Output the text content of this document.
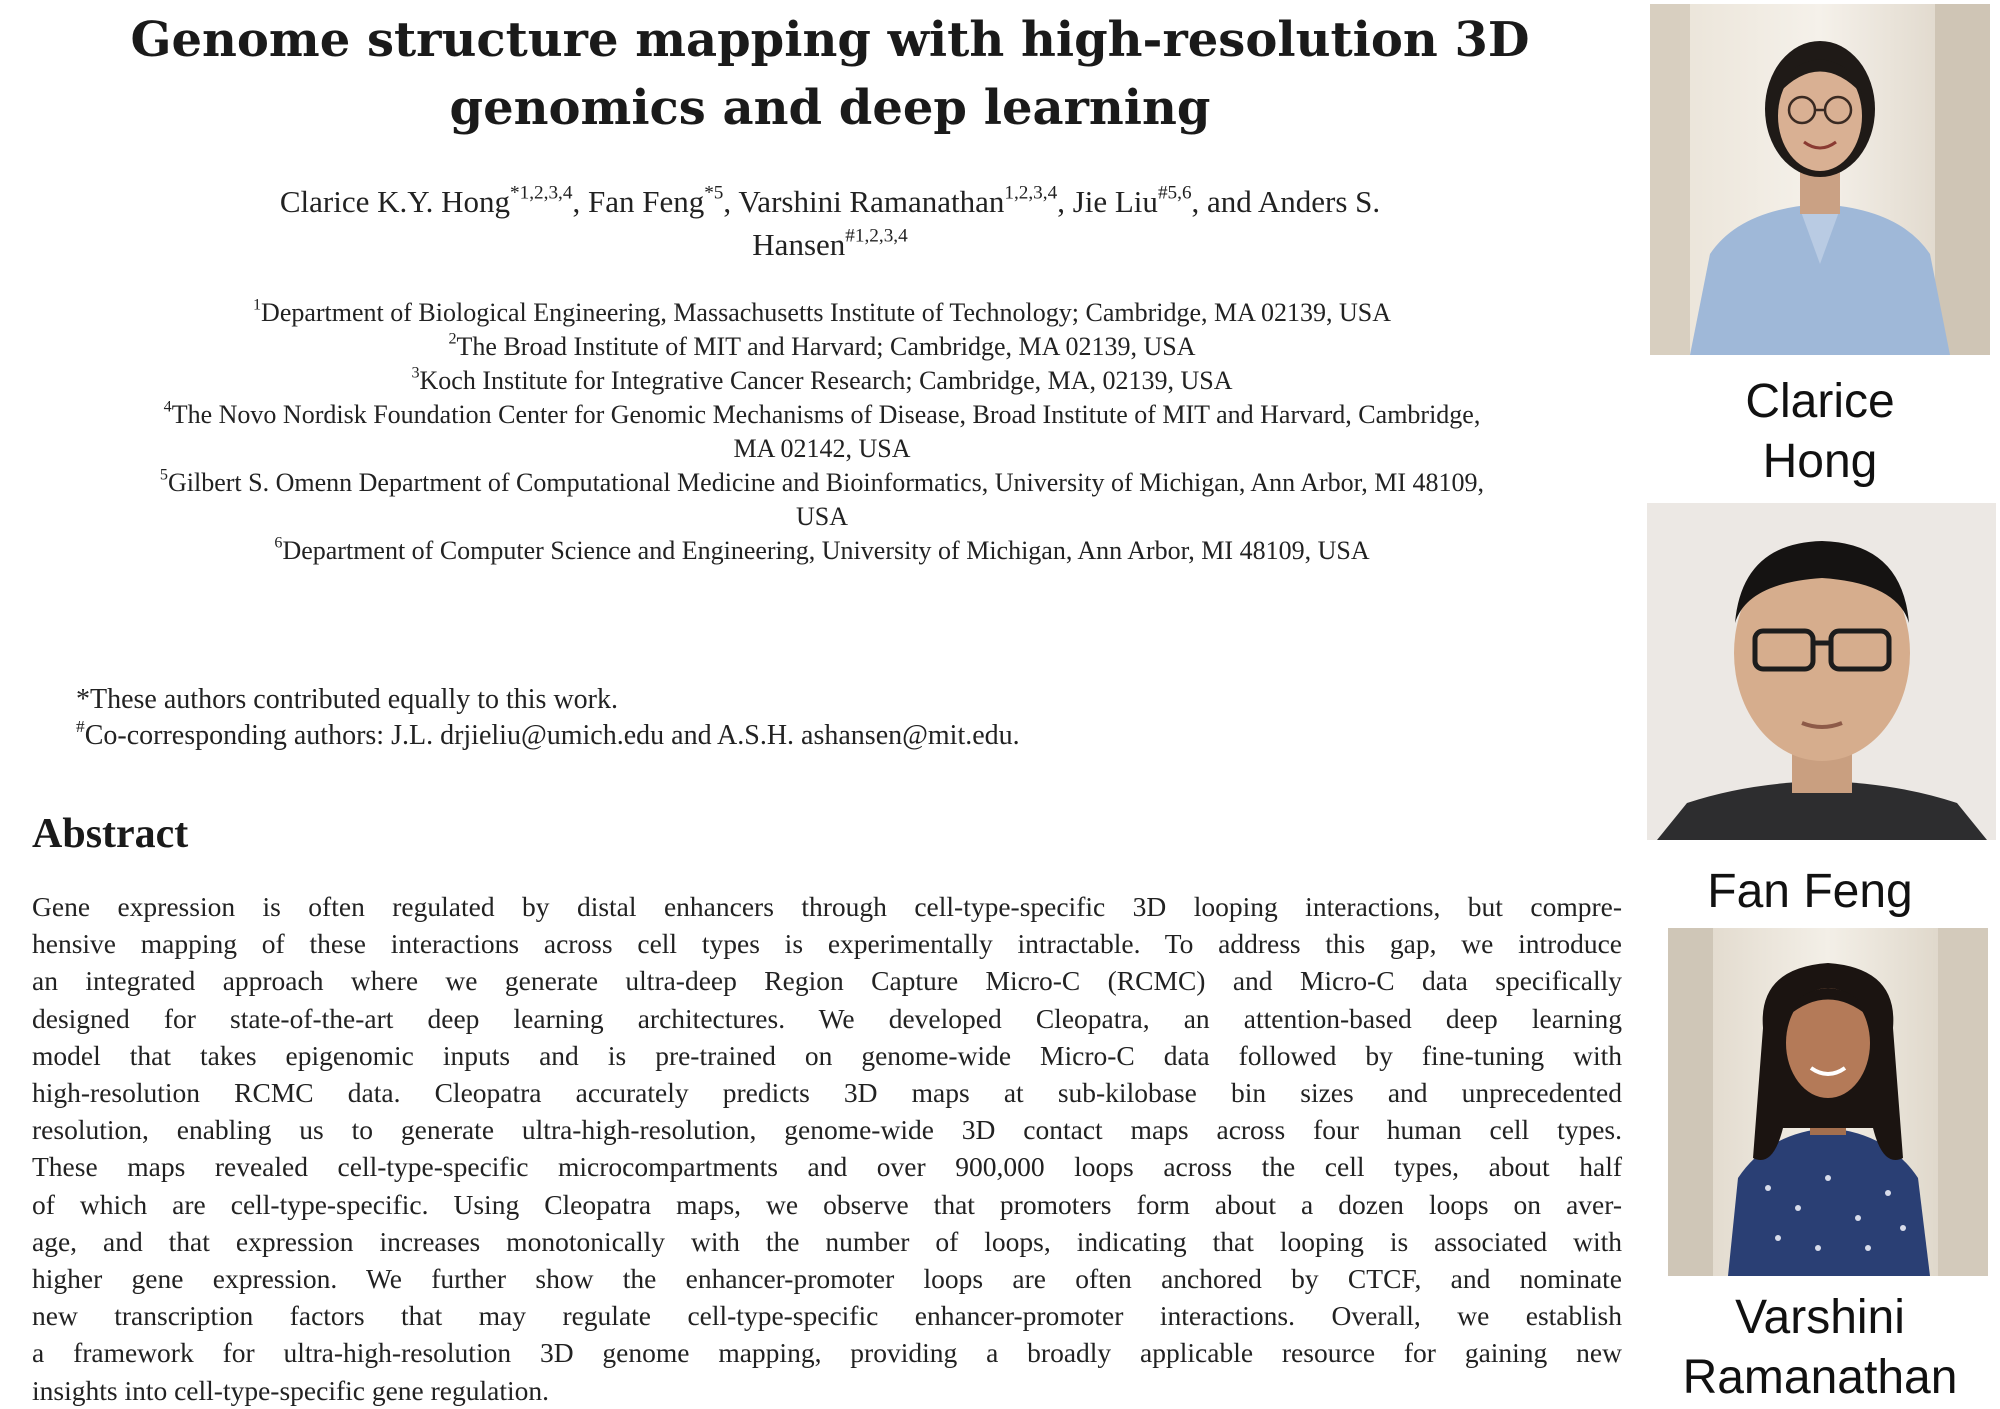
Genome structure mapping with high-resolution 3D
genomics and deep learning
Clarice K.Y. Hong$^{*1,2,3,4}$, Fan Feng$^{*5}$, Varshini Ramanathan$^{1,2,3,4}$, Jie Liu$^{\#5,6}$, and Anders S.
Hansen$^{\#1,2,3,4}$
$^1$Department of Biological Engineering, Massachusetts Institute of Technology; Cambridge, MA 02139, USA
$^2$The Broad Institute of MIT and Harvard; Cambridge, MA 02139, USA
$^3$Koch Institute for Integrative Cancer Research; Cambridge, MA, 02139, USA
$^4$The Novo Nordisk Foundation Center for Genomic Mechanisms of Disease, Broad Institute of MIT and Harvard, Cambridge,
MA 02142, USA
$^5$Gilbert S. Omenn Department of Computational Medicine and Bioinformatics, University of Michigan, Ann Arbor, MI 48109,
USA
$^6$Department of Computer Science and Engineering, University of Michigan, Ann Arbor, MI 48109, USA
*These authors contributed equally to this work.
#Co-corresponding authors: J.L. drjieliu@umich.edu and A.S.H. ashansen@mit.edu.
Abstract
Gene expression is often regulated by distal enhancers through cell-type-specific 3D looping interactions, but compre-
hensive mapping of these interactions across cell types is experimentally intractable. To address this gap, we introduce
an integrated approach where we generate ultra-deep Region Capture Micro-C (RCMC) and Micro-C data specifically
designed for state-of-the-art deep learning architectures. We developed Cleopatra, an attention-based deep learning
model that takes epigenomic inputs and is pre-trained on genome-wide Micro-C data followed by fine-tuning with
high-resolution RCMC data. Cleopatra accurately predicts 3D maps at sub-kilobase bin sizes and unprecedented
resolution, enabling us to generate ultra-high-resolution, genome-wide 3D contact maps across four human cell types.
These maps revealed cell-type-specific microcompartments and over 900,000 loops across the cell types, about half
of which are cell-type-specific. Using Cleopatra maps, we observe that promoters form about a dozen loops on aver-
age, and that expression increases monotonically with the number of loops, indicating that looping is associated with
higher gene expression. We further show the enhancer-promoter loops are often anchored by CTCF, and nominate
new transcription factors that may regulate cell-type-specific enhancer-promoter interactions. Overall, we establish
a framework for ultra-high-resolution 3D genome mapping, providing a broadly applicable resource for gaining new
insights into cell-type-specific gene regulation.
Clarice
Hong
Fan Feng
Varshini
Ramanathan
